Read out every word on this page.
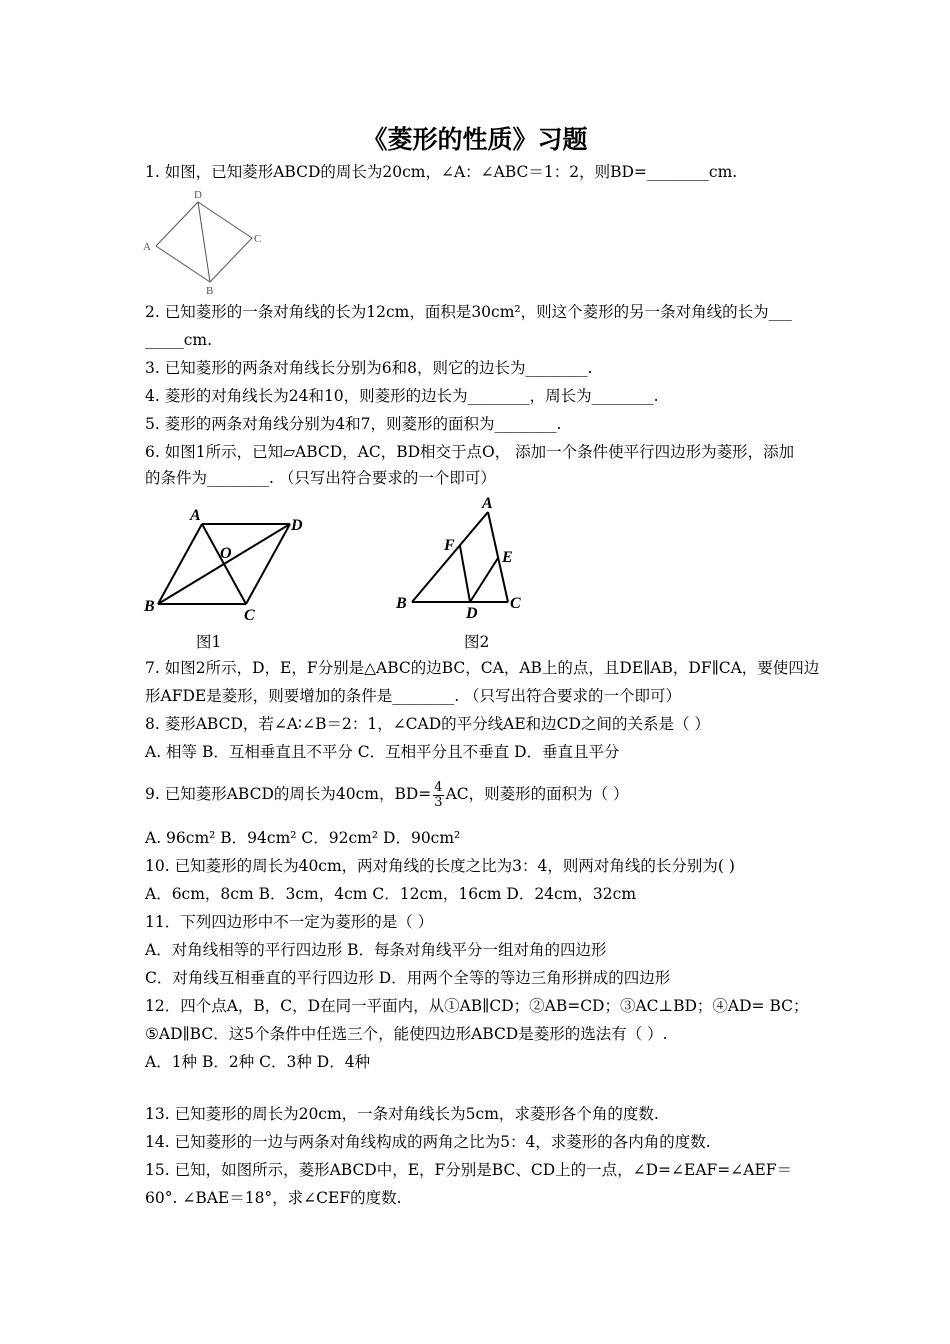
《菱形的性质》习题
1. 如图，已知菱形ABCD的周长为20cm，∠A：∠ABC＝1：2，则BD=________cm.
A
D
C
B
2. 已知菱形的一条对角线的长为12cm，面积是30cm²，则这个菱形的另一条对角线的长为___
_____cm.
3. 已知菱形的两条对角线长分别为6和8，则它的边长为________.
4. 菱形的对角线长为24和10，则菱形的边长为________，周长为________.
5. 菱形的两条对角线分别为4和7，则菱形的面积为________.
6. 如图1所示，已知▱ABCD，AC，BD相交于点O， 添加一个条件使平行四边形为菱形，添加
的条件为________. （只写出符合要求的一个即可）
A
D
B
C
O
A
F
E
B
D
C
图1	图2
7. 如图2所示，D，E，F分别是△ABC的边BC，CA，AB上的点，且DE∥AB，DF∥CA，要使四边
形AFDE是菱形，则要增加的条件是________. （只写出符合要求的一个即可）
8. 菱形ABCD，若∠A∶∠B＝2：1，∠CAD的平分线AE和边CD之间的关系是（ ）
A. 相等 B．互相垂直且不平分 C．互相平分且不垂直 D．垂直且平分
9. 已知菱形ABCD的周长为40cm，$BD= \frac{4}{3}$ AC，则菱形的面积为（ ）
A. 96cm² B．94cm² C．92cm² D．90cm²
10. 已知菱形的周长为40cm，两对角线的长度之比为3：4，则两对角线的长分别为( )
A．6cm，8cm B．3cm，4cm C．12cm，16cm D．24cm，32cm
11．下列四边形中不一定为菱形的是（ ）
A．对角线相等的平行四边形 B．每条对角线平分一组对角的四边形
C．对角线互相垂直的平行四边形 D．用两个全等的等边三角形拼成的四边形
12．四个点A，B，C，D在同一平面内，从①AB∥CD；②AB=CD；③AC⊥BD；④AD= BC；
⑤AD∥BC．这5个条件中任选三个，能使四边形ABCD是菱形的选法有（ ）.
A．1种 B．2种 C．3种 D．4种
13. 已知菱形的周长为20cm，一条对角线长为5cm，求菱形各个角的度数.
14. 已知菱形的一边与两条对角线构成的两角之比为5：4，求菱形的各内角的度数.
15. 已知，如图所示，菱形ABCD中，E，F分别是BC、CD上的一点，∠D=∠EAF=∠AEF＝
60°. ∠BAE＝18°，求∠CEF的度数.
